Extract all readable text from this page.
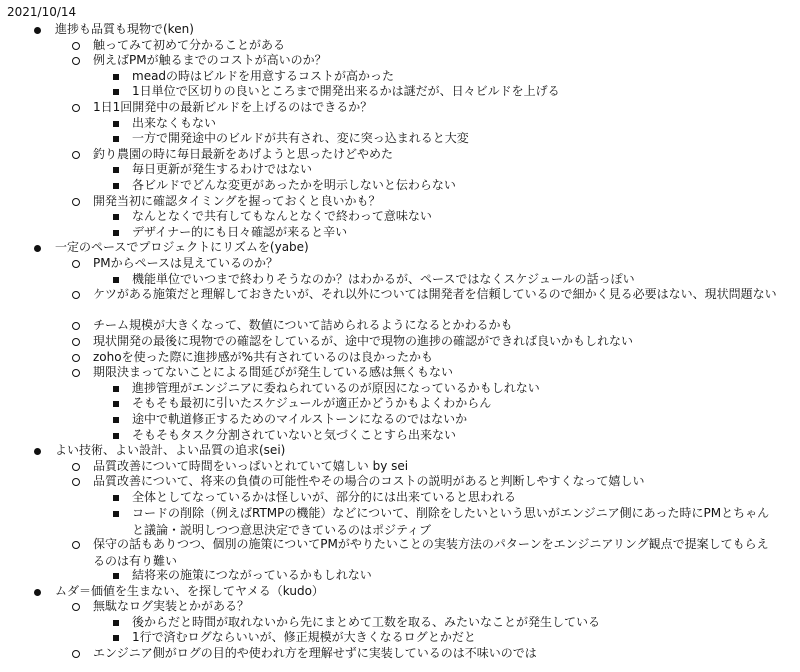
2021/10/14
進捗も品質も現物で(ken)
触ってみて初めて分かることがある
例えばPMが触るまでのコストが高いのか？
meadの時はビルドを用意するコストが高かった
1日単位で区切りの良いところまで開発出来るかは謎だが、日々ビルドを上げる
1日1回開発中の最新ビルドを上げるのはできるか？
出来なくもない
一方で開発途中のビルドが共有され、変に突っ込まれると大変
釣り農園の時に毎日最新をあげようと思ったけどやめた
毎日更新が発生するわけではない
各ビルドでどんな変更があったかを明示しないと伝わらない
開発当初に確認タイミングを握っておくと良いかも？
なんとなくで共有してもなんとなくで終わって意味ない
デザイナー的にも日々確認が来ると辛い
一定のペースでプロジェクトにリズムを(yabe)
PMからペースは見えているのか？
機能単位でいつまで終わりそうなのか？はわかるが、ペースではなくスケジュールの話っぽい
ケツがある施策だと理解しておきたいが、それ以外については開発者を信頼しているので細かく見る必要はない、現状問題ない
チーム規模が大きくなって、数値について詰められるようになるとかわるかも
現状開発の最後に現物での確認をしているが、途中で現物の進捗の確認ができれば良いかもしれない
zohoを使った際に進捗感が%共有されているのは良かったかも
期限決まってないことによる間延びが発生している感は無くもない
進捗管理がエンジニアに委ねられているのが原因になっているかもしれない
そもそも最初に引いたスケジュールが適正かどうかもよくわからん
途中で軌道修正するためのマイルストーンになるのではないか
そもそもタスク分割されていないと気づくことすら出来ない
よい技術、よい設計、よい品質の追求(sei)
品質改善について時間をいっぱいとれていて嬉しい by sei
品質改善について、将来の負債の可能性やその場合のコストの説明があると判断しやすくなって嬉しい
全体としてなっているかは怪しいが、部分的には出来ていると思われる
コードの削除（例えばRTMPの機能）などについて、削除をしたいという思いがエンジニア側にあった時にPMとちゃんと議論・説明しつつ意思決定できているのはポジティブ
保守の話もありつつ、個別の施策についてPMがやりたいことの実装方法のパターンをエンジニアリング観点で提案してもらえるのは有り難い
結将来の施策につながっているかもしれない
ムダ＝価値を生まない、を探してヤメる（kudo）
無駄なログ実装とかがある？
後からだと時間が取れないから先にまとめて工数を取る、みたいなことが発生している
1行で済むログならいいが、修正規模が大きくなるログとかだと
エンジニア側がログの目的や使われ方を理解せずに実装しているのは不味いのでは
